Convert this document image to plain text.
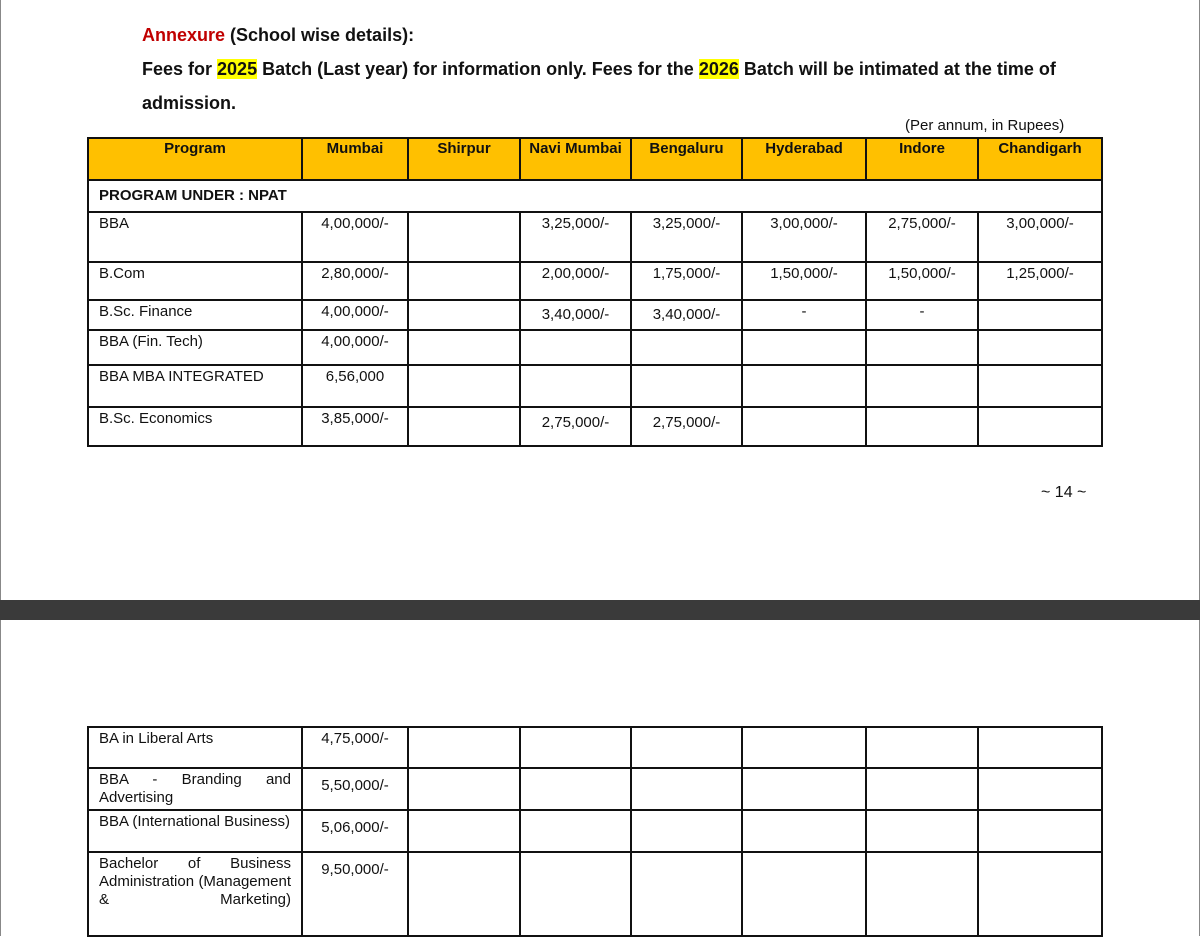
Annexure (School wise details):
Fees for 2025 Batch (Last year) for information only. Fees for the 2026 Batch will be intimated at the time of admission.
(Per annum, in Rupees)
Program	Mumbai	Shirpur	Navi Mumbai	Bengaluru	Hyderabad	Indore	Chandigarh
PROGRAM UNDER : NPAT							
BBA	4,00,000/-		3,25,000/-	3,25,000/-	3,00,000/-	2,75,000/-	3,00,000/-
B.Com	2,80,000/-		2,00,000/-	1,75,000/-	1,50,000/-	1,50,000/-	1,25,000/-
B.Sc. Finance	4,00,000/-		3,40,000/-	3,40,000/-	-	-	
BBA (Fin. Tech)	4,00,000/-						
BBA MBA INTEGRATED	6,56,000						
B.Sc. Economics	3,85,000/-		2,75,000/-	2,75,000/-			
~ 14 ~
BA in Liberal Arts	4,75,000/-						
BBA - Branding and Advertising	5,50,000/-						
BBA (International Business)	5,06,000/-						
Bachelor of Business Administration (Management & Marketing)	9,50,000/-						
